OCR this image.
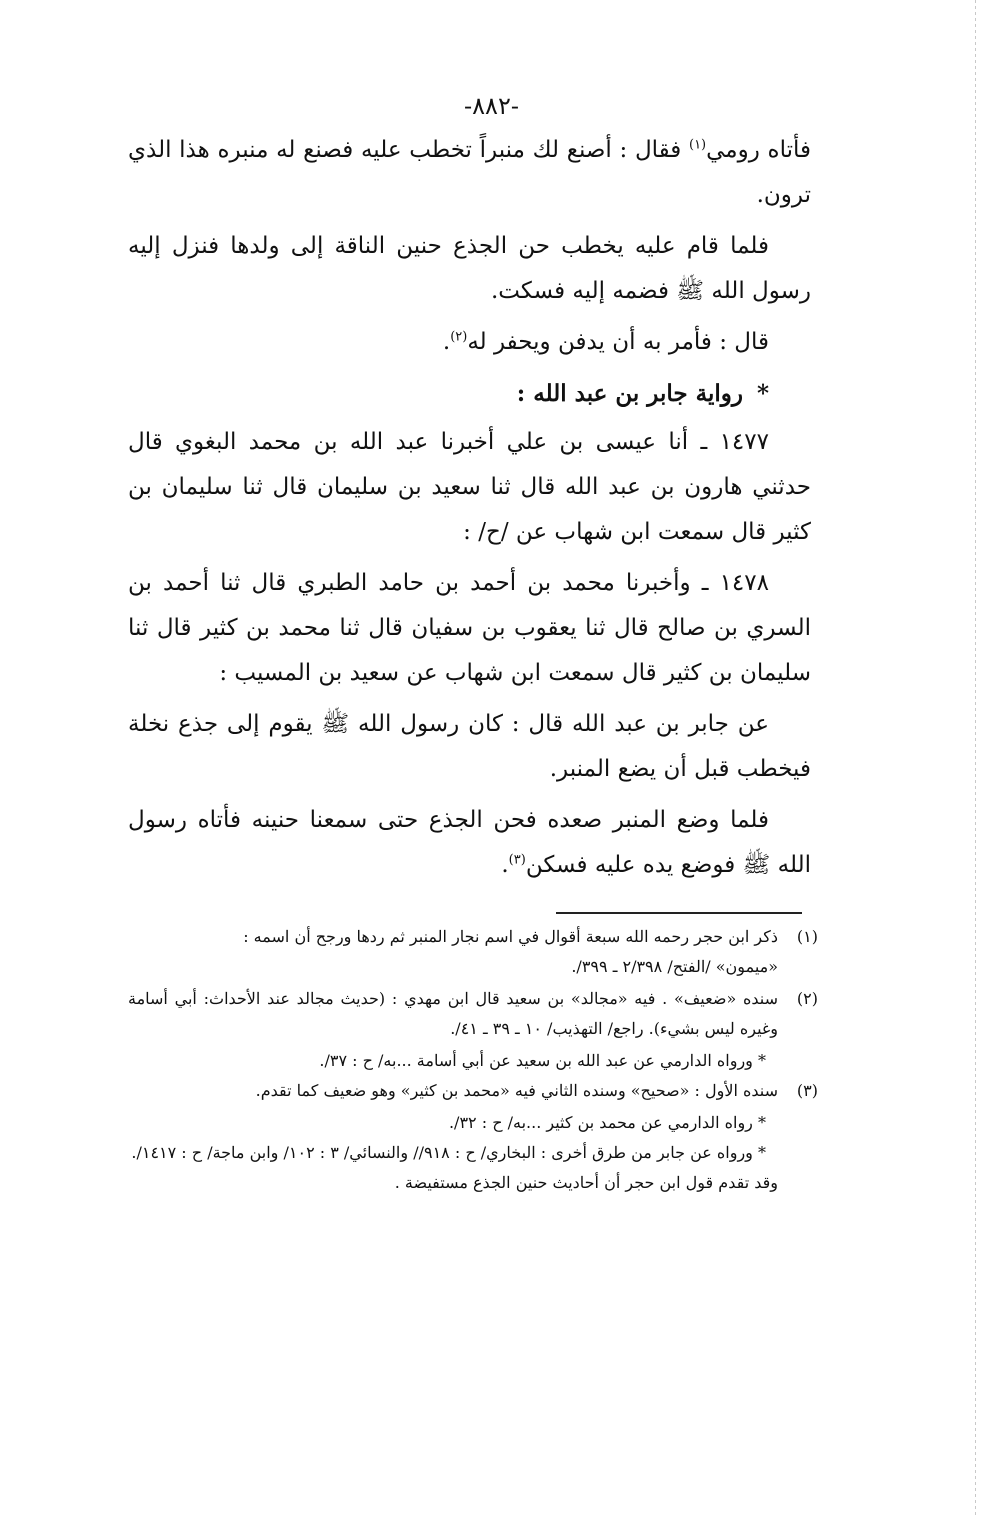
-٨٨٢-

فأتاه رومي$^{(١)}$ فقال : أصنع لك منبراً تخطب عليه فصنع له منبره هذا الذي ترون.

فلما قام عليه يخطب حن الجذع حنين الناقة إلى ولدها فنزل إليه رسول الله ﷺ فضمه إليه فسكت.

قال : فأمر به أن يدفن ويحفر له$^{(٢)}$.

*رواية جابر بن عبد الله :

١٤٧٧ ـ أنا عيسى بن علي أخبرنا عبد الله بن محمد البغوي قال حدثني هارون بن عبد الله قال ثنا سعيد بن سليمان قال ثنا سليمان بن كثير قال سمعت ابن شهاب عن /ح/ :

١٤٧٨ ـ وأخبرنا محمد بن أحمد بن حامد الطبري قال ثنا أحمد بن السري بن صالح قال ثنا يعقوب بن سفيان قال ثنا محمد بن كثير قال ثنا سليمان بن كثير قال سمعت ابن شهاب عن سعيد بن المسيب :

عن جابر بن عبد الله قال : كان رسول الله ﷺ يقوم إلى جذع نخلة فيخطب قبل أن يضع المنبر.

فلما وضع المنبر صعده فحن الجذع حتى سمعنا حنينه فأتاه رسول الله ﷺ فوضع يده عليه فسكن$^{(٣)}$.

(١)
ذكر ابن حجر رحمه الله سبعة أقوال في اسم نجار المنبر ثم ردها ورجح أن اسمه :
«ميمون» /الفتح/ ٢/٣٩٨ ـ ٣٩٩/.
(٢)
سنده «ضعيف» . فيه «مجالد» بن سعيد قال ابن مهدي : (حديث مجالد عند الأحداث: أبي أسامة وغيره ليس بشيء). راجع/ التهذيب/ ١٠ ـ ٣٩ ـ ٤١/.
* ورواه الدارمي عن عبد الله بن سعيد عن أبي أسامة ...به/ ح : ٣٧/.
(٣)
سنده الأول : «صحيح» وسنده الثاني فيه «محمد بن كثير» وهو ضعيف كما تقدم.
* رواه الدارمي عن محمد بن كثير ...به/ ح : ٣٢/.
* ورواه عن جابر من طرق أخرى : البخاري/ ح : ٩١٨// والنسائي/ ٣ : ١٠٢/ وابن ماجة/ ح : ١٤١٧/.
وقد تقدم قول ابن حجر أن أحاديث حنين الجذع مستفيضة .
